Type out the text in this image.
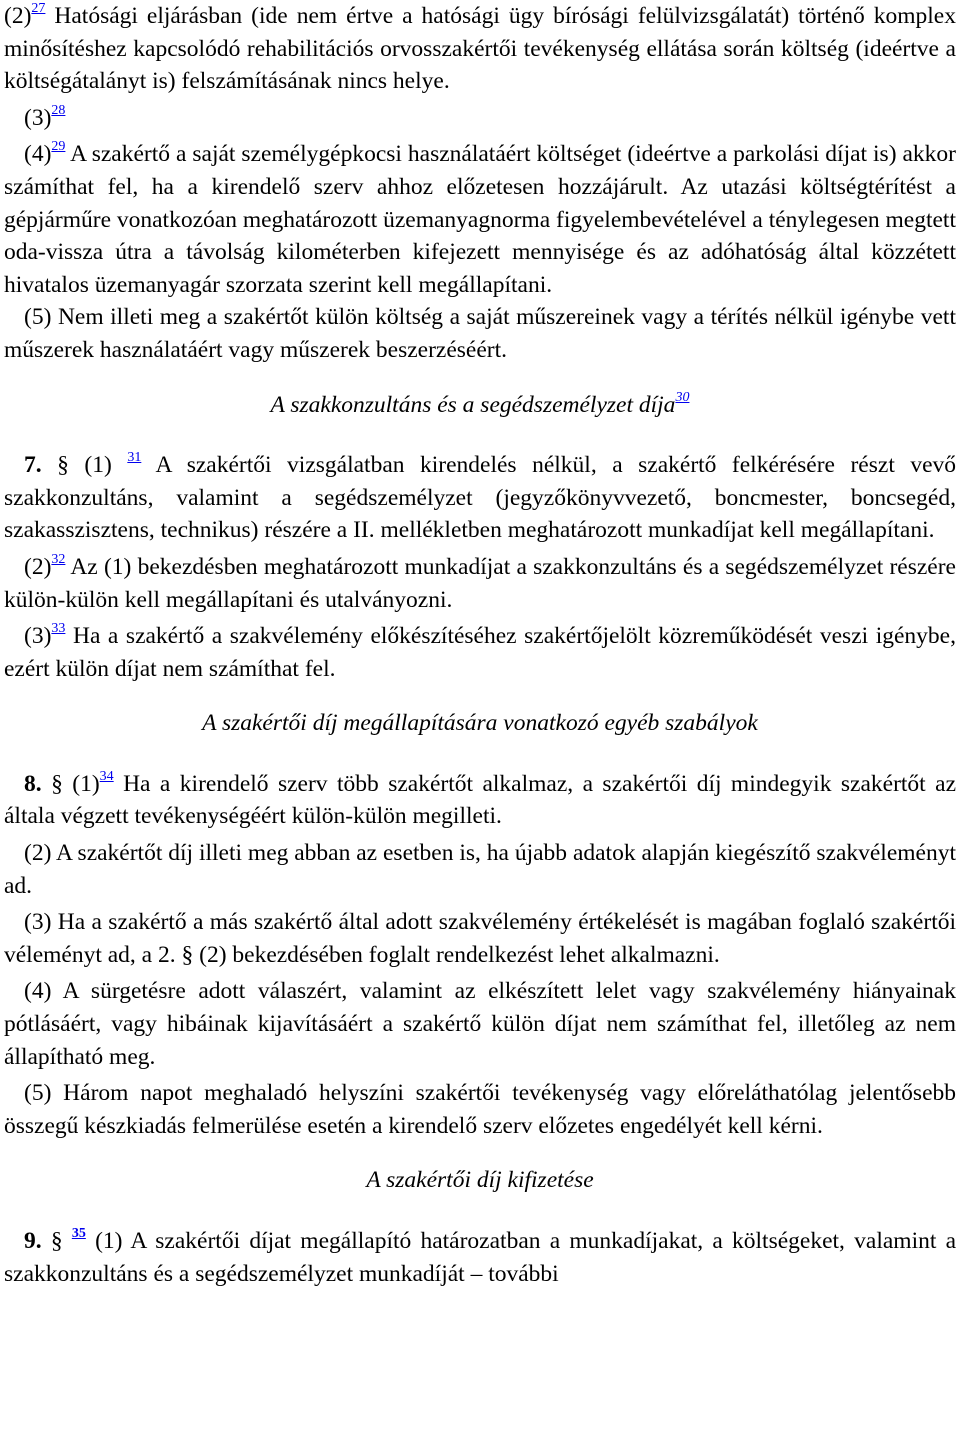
$(2)^{27}$ Hatósági eljárásban (ide nem értve a hatósági ügy bírósági felülvizsgálatát) történő komplex minősítéshez kapcsolódó rehabilitációs orvosszakértői tevékenység ellátása során költség (ideértve a költségátalányt is) felszámításának nincs helye.

$(3)^{28}$

$(4)^{29}$ A szakértő a saját személygépkocsi használatáért költséget (ideértve a parkolási díjat is) akkor számíthat fel, ha a kirendelő szerv ahhoz előzetesen hozzájárult. Az utazási költségtérítést a gépjárműre vonatkozóan meghatározott üzemanyagnorma figyelembevételével a ténylegesen megtett oda-vissza útra a távolság kilométerben kifejezett mennyisége és az adóhatóság által közzétett hivatalos üzemanyagár szorzata szerint kell megállapítani.

(5) Nem illeti meg a szakértőt külön költség a saját műszereinek vagy a térítés nélkül igénybe vett műszerek használatáért vagy műszerek beszerzéséért.

A szakkonzultáns és a segédszemélyzet díja$^{30}$

7. § (1) $^{31}$ A szakértői vizsgálatban kirendelés nélkül, a szakértő felkérésére részt vevő szakkonzultáns, valamint a segédszemélyzet (jegyzőkönyvvezető, boncmester, boncsegéd, szakasszisztens, technikus) részére a II. mellékletben meghatározott munkadíjat kell megállapítani.

$(2)^{32}$ Az (1) bekezdésben meghatározott munkadíjat a szakkonzultáns és a segédszemélyzet részére külön-külön kell megállapítani és utalványozni.

$(3)^{33}$ Ha a szakértő a szakvélemény előkészítéséhez szakértőjelölt közreműködését veszi igénybe, ezért külön díjat nem számíthat fel.

A szakértői díj megállapítására vonatkozó egyéb szabályok

8. § $(1)^{34}$ Ha a kirendelő szerv több szakértőt alkalmaz, a szakértői díj mindegyik szakértőt az általa végzett tevékenységéért külön-külön megilleti.

(2) A szakértőt díj illeti meg abban az esetben is, ha újabb adatok alapján kiegészítő szakvéleményt ad.

(3) Ha a szakértő a más szakértő által adott szakvélemény értékelését is magában foglaló szakértői véleményt ad, a 2. § (2) bekezdésében foglalt rendelkezést lehet alkalmazni.

(4) A sürgetésre adott válaszért, valamint az elkészített lelet vagy szakvélemény hiányainak pótlásáért, vagy hibáinak kijavításáért a szakértő külön díjat nem számíthat fel, illetőleg az nem állapítható meg.

(5) Három napot meghaladó helyszíni szakértői tevékenység vagy előreláthatólag jelentősebb összegű készkiadás felmerülése esetén a kirendelő szerv előzetes engedélyét kell kérni.

A szakértői díj kifizetése

9. § $^{35}$ (1) A szakértői díjat megállapító határozatban a munkadíjakat, a költségeket, valamint a szakkonzultáns és a segédszemélyzet munkadíját – további
